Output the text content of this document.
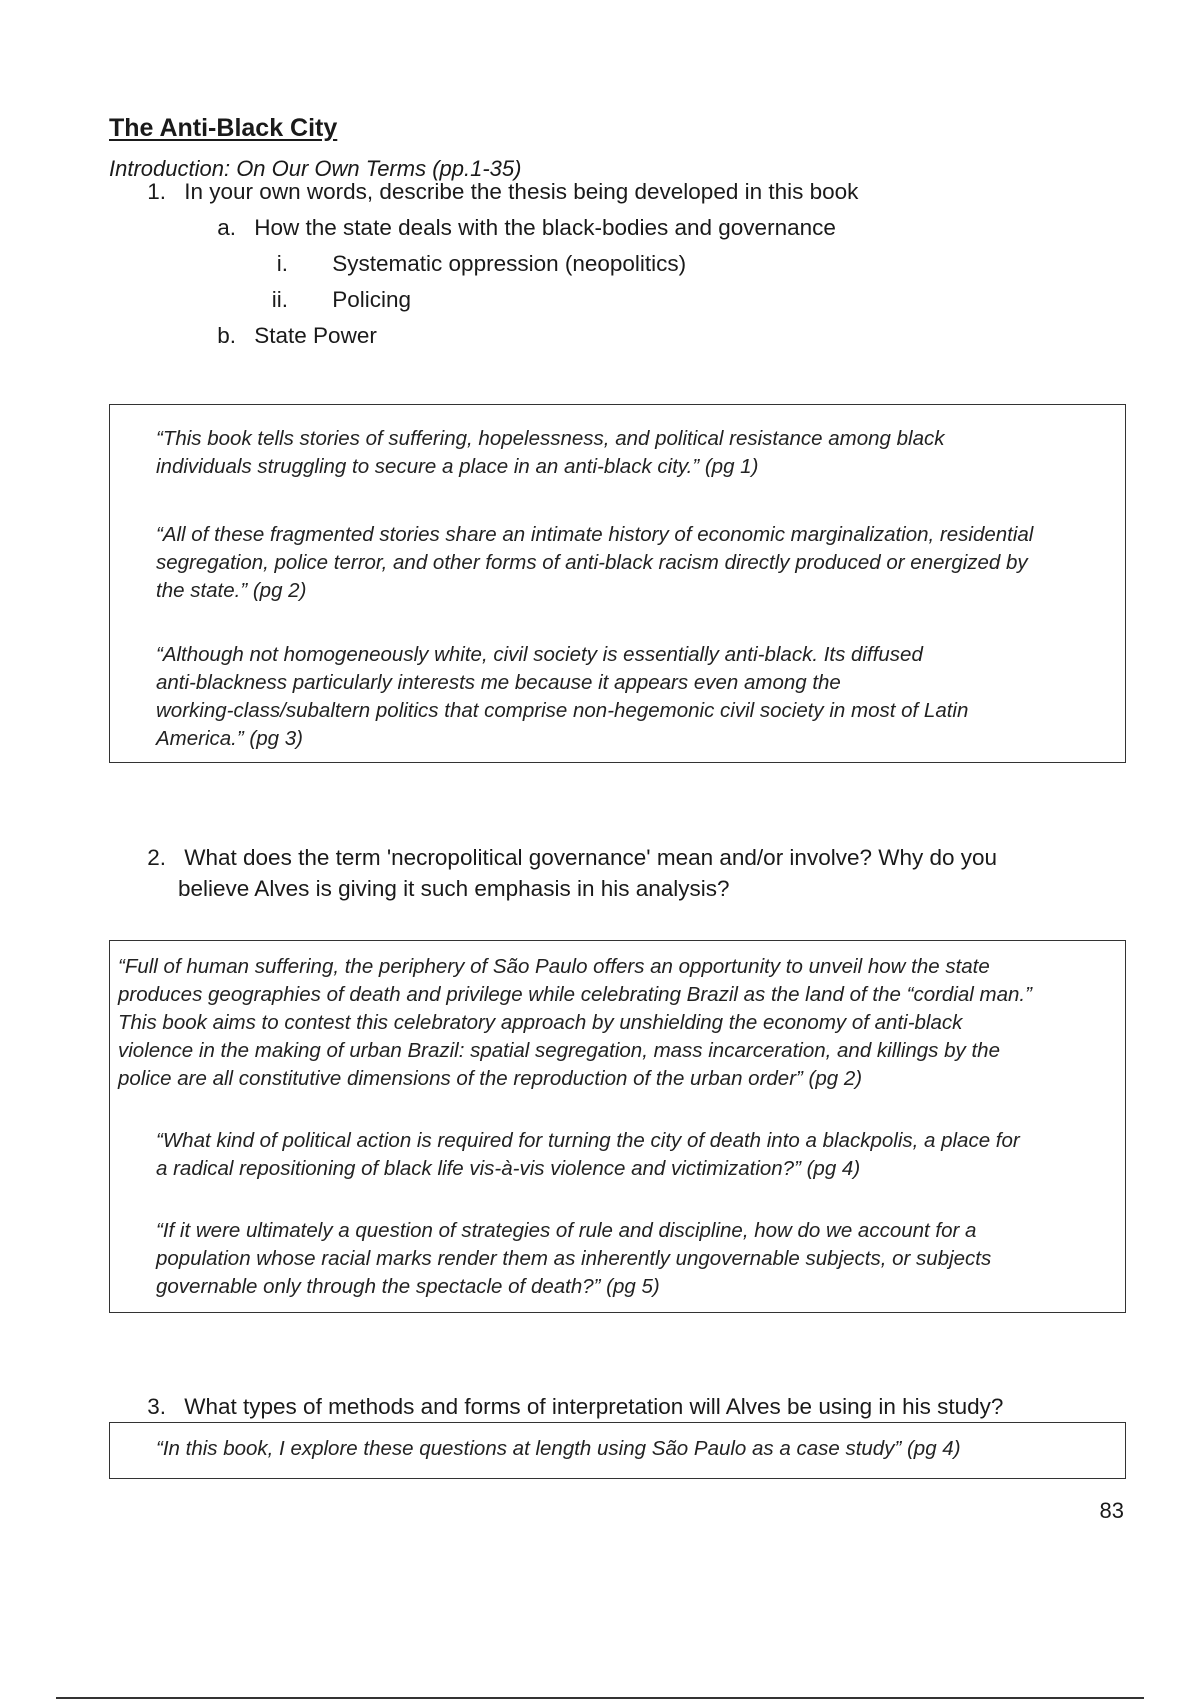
The Anti-Black City
Introduction: On Our Own Terms (pp.1-35)
1. In your own words, describe the thesis being developed in this book
a. How the state deals with the black-bodies and governance
i. Systematic oppression (neopolitics)
ii. Policing
b. State Power
“This book tells stories of suffering, hopelessness, and political resistance among black
individuals struggling to secure a place in an anti-black city.” (pg 1)
“All of these fragmented stories share an intimate history of economic marginalization, residential
segregation, police terror, and other forms of anti-black racism directly produced or energized by
the state.” (pg 2)
“Although not homogeneously white, civil society is essentially anti-black. Its diffused
anti-blackness particularly interests me because it appears even among the
working-class/subaltern politics that comprise non-hegemonic civil society in most of Latin
America.” (pg 3)
2. What does the term 'necropolitical governance' mean and/or involve? Why do you
believe Alves is giving it such emphasis in his analysis?
“Full of human suffering, the periphery of São Paulo offers an opportunity to unveil how the state
produces geographies of death and privilege while celebrating Brazil as the land of the “cordial man.”
This book aims to contest this celebratory approach by unshielding the economy of anti-black
violence in the making of urban Brazil: spatial segregation, mass incarceration, and killings by the
police are all constitutive dimensions of the reproduction of the urban order” (pg 2)
“What kind of political action is required for turning the city of death into a blackpolis, a place for
a radical repositioning of black life vis-à-vis violence and victimization?” (pg 4)
“If it were ultimately a question of strategies of rule and discipline, how do we account for a
population whose racial marks render them as inherently ungovernable subjects, or subjects
governable only through the spectacle of death?” (pg 5)
3. What types of methods and forms of interpretation will Alves be using in his study?
“In this book, I explore these questions at length using São Paulo as a case study” (pg 4)
83
